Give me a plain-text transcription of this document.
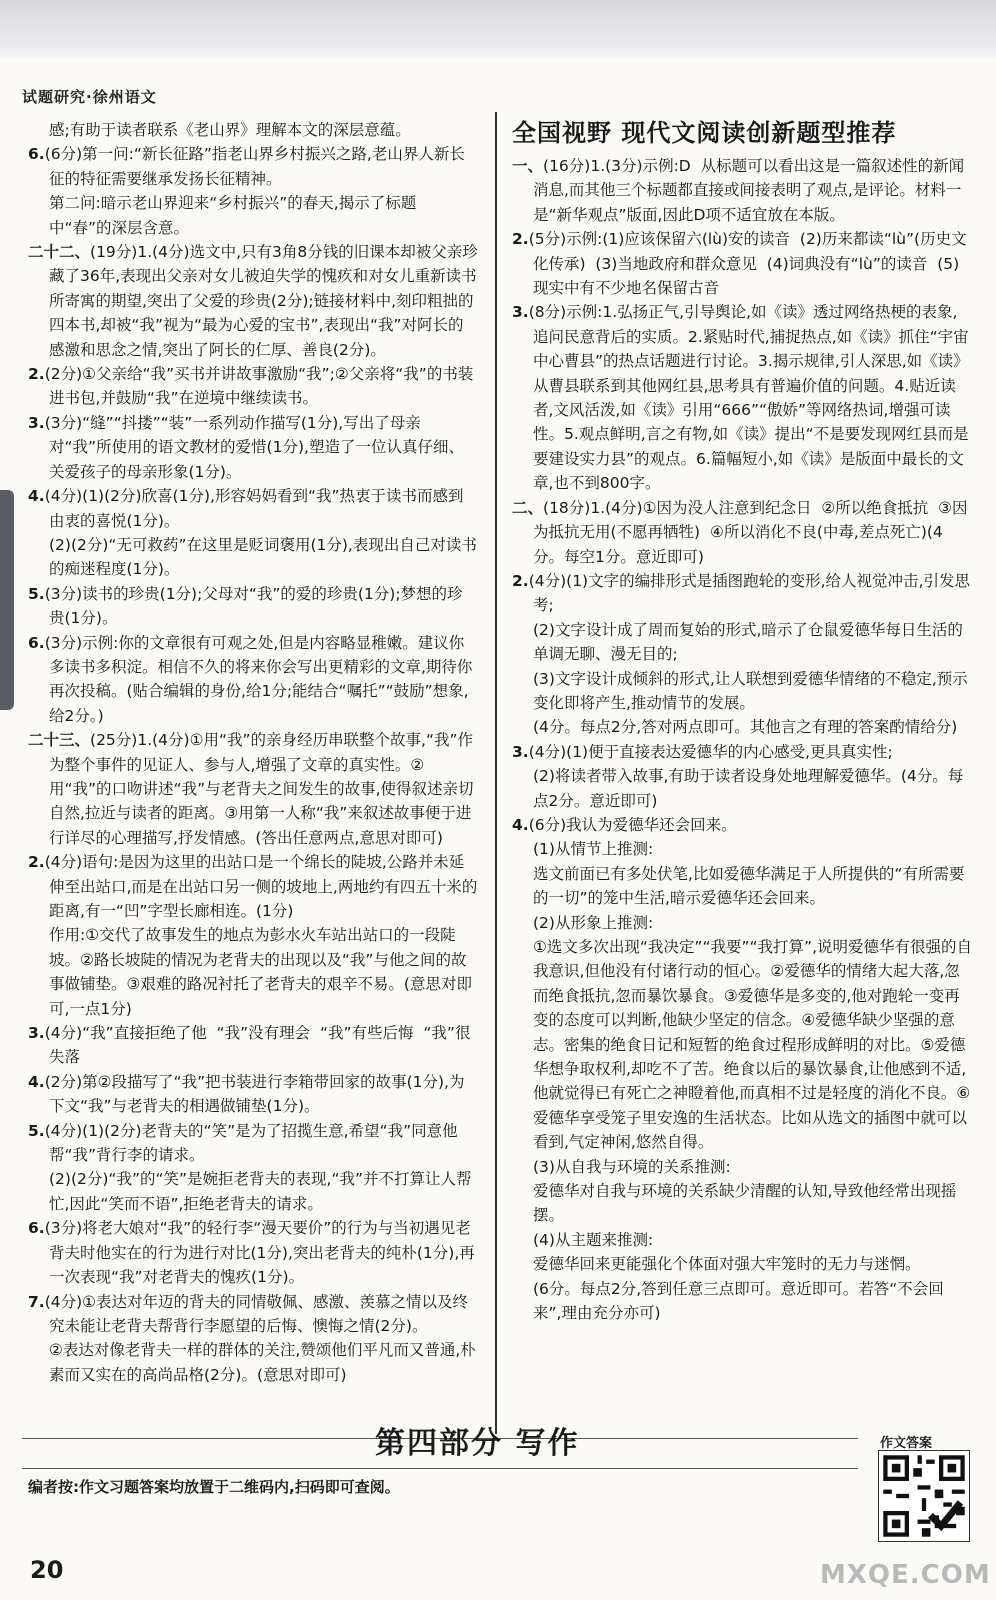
试题研究·徐州语文

感;有助于读者联系《老山界》理解本文的深层意蕴。

6.(6分)第一问:“新长征路”指老山界乡村振兴之路,老山界人新长征的特征需要继承发扬长征精神。

第二问:暗示老山界迎来“乡村振兴”的春天,揭示了标题中“春”的深层含意。

二十二、(19分)1.(4分)选文中,只有3角8分钱的旧课本却被父亲珍藏了36年,表现出父亲对女儿被迫失学的愧疚和对女儿重新读书所寄寓的期望,突出了父爱的珍贵(2分);链接材料中,刻印粗拙的四本书,却被“我”视为“最为心爱的宝书”,表现出“我”对阿长的感激和思念之情,突出了阿长的仁厚、善良(2分)。

2.(2分)①父亲给“我”买书并讲故事激励“我”;②父亲将“我”的书装进书包,并鼓励“我”在逆境中继续读书。

3.(3分)“缝”“抖搂”“装”一系列动作描写(1分),写出了母亲对“我”所使用的语文教材的爱惜(1分),塑造了一位认真仔细、关爱孩子的母亲形象(1分)。

4.(4分)(1)(2分)欣喜(1分),形容妈妈看到“我”热衷于读书而感到由衷的喜悦(1分)。

(2)(2分)“无可救药”在这里是贬词褒用(1分),表现出自己对读书的痴迷程度(1分)。

5.(3分)读书的珍贵(1分);父母对“我”的爱的珍贵(1分);梦想的珍贵(1分)。

6.(3分)示例:你的文章很有可观之处,但是内容略显稚嫩。建议你多读书多积淀。相信不久的将来你会写出更精彩的文章,期待你再次投稿。(贴合编辑的身份,给1分;能结合“嘱托”“鼓励”想象,给2分。)

二十三、(25分)1.(4分)①用“我”的亲身经历串联整个故事,“我”作为整个事件的见证人、参与人,增强了文章的真实性。②用“我”的口吻讲述“我”与老背夫之间发生的故事,使得叙述亲切自然,拉近与读者的距离。③用第一人称“我”来叙述故事便于进行详尽的心理描写,抒发情感。(答出任意两点,意思对即可)

2.(4分)语句:是因为这里的出站口是一个绵长的陡坡,公路并未延伸至出站口,而是在出站口另一侧的坡地上,两地约有四五十米的距离,有一“凹”字型长廊相连。(1分)

作用:①交代了故事发生的地点为彭水火车站出站口的一段陡坡。②路长坡陡的情况为老背夫的出现以及“我”与他之间的故事做铺垫。③艰难的路况衬托了老背夫的艰辛不易。(意思对即可,一点1分)

3.(4分)“我”直接拒绝了他  “我”没有理会  “我”有些后悔  “我”很失落

4.(2分)第②段描写了“我”把书装进行李箱带回家的故事(1分),为下文“我”与老背夫的相遇做铺垫(1分)。

5.(4分)(1)(2分)老背夫的“笑”是为了招揽生意,希望“我”同意他帮“我”背行李的请求。

(2)(2分)“我”的“笑”是婉拒老背夫的表现,“我”并不打算让人帮忙,因此“笑而不语”,拒绝老背夫的请求。

6.(3分)将老大娘对“我”的轻行李“漫天要价”的行为与当初遇见老背夫时他实在的行为进行对比(1分),突出老背夫的纯朴(1分),再一次表现“我”对老背夫的愧疚(1分)。

7.(4分)①表达对年迈的背夫的同情敬佩、感激、羡慕之情以及终究未能让老背夫帮背行李愿望的后悔、懊悔之情(2分)。

②表达对像老背夫一样的群体的关注,赞颂他们平凡而又普通,朴素而又实在的高尚品格(2分)。(意思对即可)

全国视野 现代文阅读创新题型推荐

一、(16分)1.(3分)示例:D  从标题可以看出这是一篇叙述性的新闻消息,而其他三个标题都直接或间接表明了观点,是评论。材料一是“新华观点”版面,因此D项不适宜放在本版。

2.(5分)示例:(1)应该保留六(lù)安的读音  (2)历来都读“lù”(历史文化传承)  (3)当地政府和群众意见  (4)词典没有“lù”的读音  (5)现实中有不少地名保留古音

3.(8分)示例:1.弘扬正气,引导舆论,如《读》透过网络热梗的表象,追问民意背后的实质。2.紧贴时代,捕捉热点,如《读》抓住“宇宙中心曹县”的热点话题进行讨论。3.揭示规律,引人深思,如《读》从曹县联系到其他网红县,思考具有普遍价值的问题。4.贴近读者,文风活泼,如《读》引用“666”“傲娇”等网络热词,增强可读性。5.观点鲜明,言之有物,如《读》提出“不是要发现网红县而是要建设实力县”的观点。6.篇幅短小,如《读》是版面中最长的文章,也不到800字。

二、(18分)1.(4分)①因为没人注意到纪念日  ②所以绝食抵抗  ③因为抵抗无用(不愿再牺牲)  ④所以消化不良(中毒,差点死亡)(4分。每空1分。意近即可)

2.(4分)(1)文字的编排形式是插图跑轮的变形,给人视觉冲击,引发思考;

(2)文字设计成了周而复始的形式,暗示了仓鼠爱德华每日生活的单调无聊、漫无目的;

(3)文字设计成倾斜的形式,让人联想到爱德华情绪的不稳定,预示变化即将产生,推动情节的发展。

(4分。每点2分,答对两点即可。其他言之有理的答案酌情给分)

3.(4分)(1)便于直接表达爱德华的内心感受,更具真实性;

(2)将读者带入故事,有助于读者设身处地理解爱德华。(4分。每点2分。意近即可)

4.(6分)我认为爱德华还会回来。

(1)从情节上推测:

选文前面已有多处伏笔,比如爱德华满足于人所提供的“有所需要的一切”的笼中生活,暗示爱德华还会回来。

(2)从形象上推测:

①选文多次出现“我决定”“我要”“我打算”,说明爱德华有很强的自我意识,但他没有付诸行动的恒心。②爱德华的情绪大起大落,忽而绝食抵抗,忽而暴饮暴食。③爱德华是多变的,他对跑轮一变再变的态度可以判断,他缺少坚定的信念。④爱德华缺少坚强的意志。密集的绝食日记和短暂的绝食过程形成鲜明的对比。⑤爱德华想争取权利,却吃不了苦。绝食以后的暴饮暴食,让他感到不适,他就觉得已有死亡之神瞪着他,而真相不过是轻度的消化不良。⑥爱德华享受笼子里安逸的生活状态。比如从选文的插图中就可以看到,气定神闲,悠然自得。

(3)从自我与环境的关系推测:

爱德华对自我与环境的关系缺少清醒的认知,导致他经常出现摇摆。

(4)从主题来推测:

爱德华回来更能强化个体面对强大牢笼时的无力与迷惘。

(6分。每点2分,答到任意三点即可。意近即可。若答“不会回来”,理由充分亦可)

第四部分 写作
编者按:作文习题答案均放置于二维码内,扫码即可查阅。
作文答案
20	MXQE.COM
